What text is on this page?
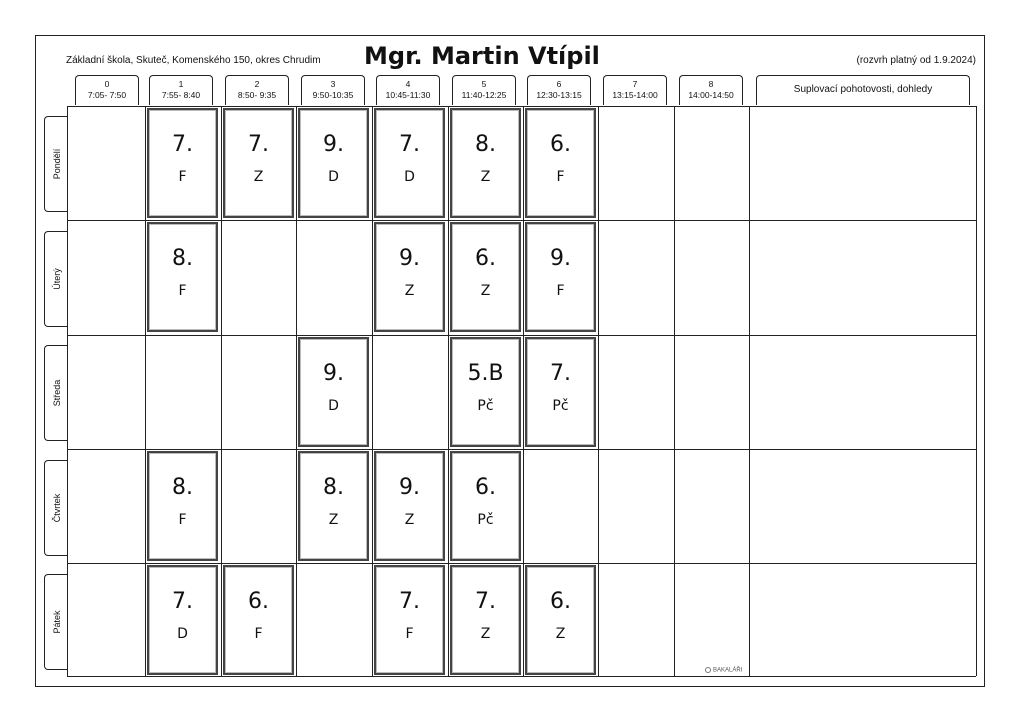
Základní škola, Skuteč, Komenského 150, okres Chrudim Mgr. Martin Vtípil	(rozvrh platný od 1.9.2024)
0
7:05- 7:50
1
7:55- 8:40
2
8:50- 9:35
3
9:50-10:35
4
10:45-11:30
5
11:40-12:25
6
12:30-13:15
7
13:15-14:00
8
14:00-14:50	Suplovací pohotovosti, dohledy
Pondělí
Úterý
Středa
Čtvrtek
Pátek
7.
F
7.
Z
9.
D
7.
D
8.
Z
6.
F
8.
F
9.
Z
6.
Z
9.
F
9.
D
5.B
Pč
7.
Pč
8.
F
8.
Z
9.
Z
6.
Pč
7.
D
6.
F
7.
F
7.
Z
6.
Z
BAKALÁŘI
